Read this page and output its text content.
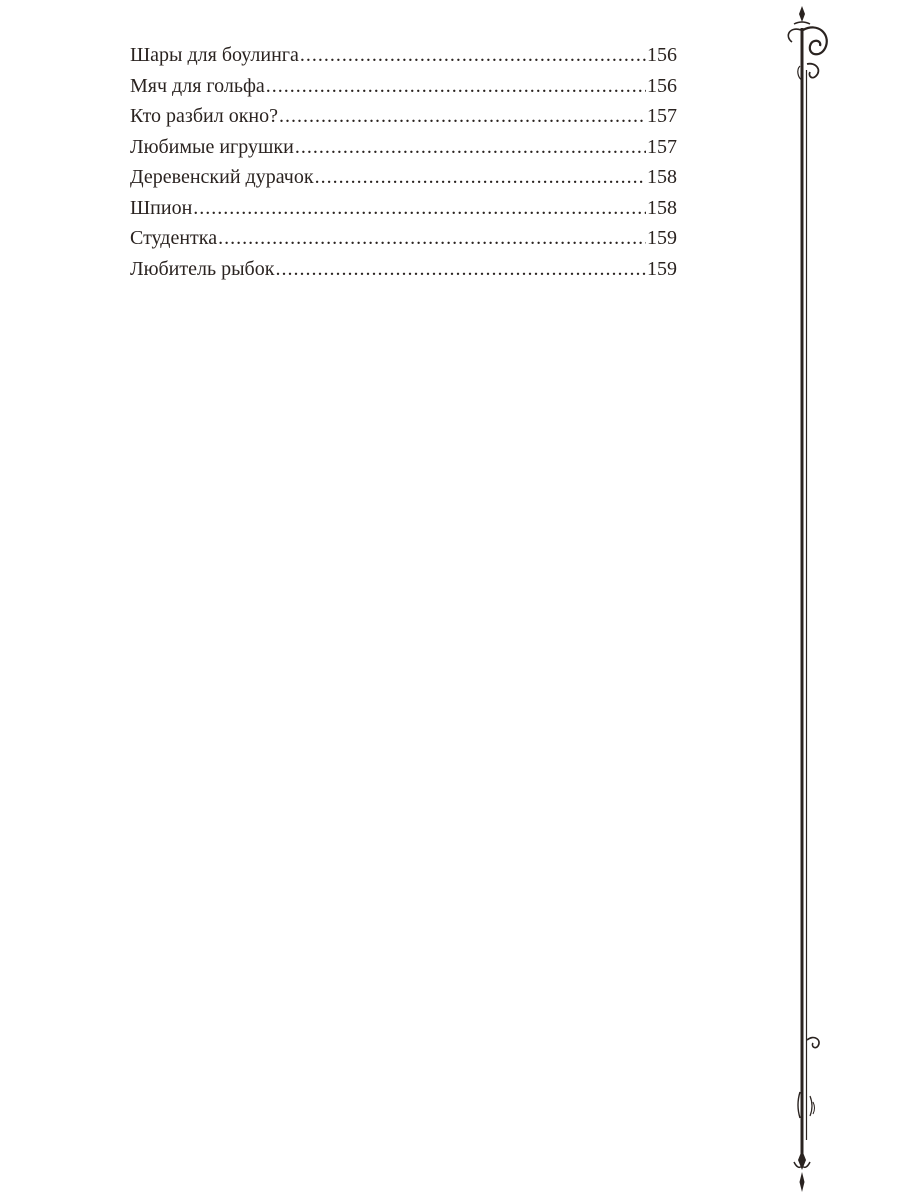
Шары для боулинга .....	156
Мяч для гольфа .....	156
Кто разбил окно? .....	157
Любимые игрушки .....	157
Деревенский дурачок .....	158
Шпион .....	158
Студентка .....	159
Любитель рыбок .....	159
